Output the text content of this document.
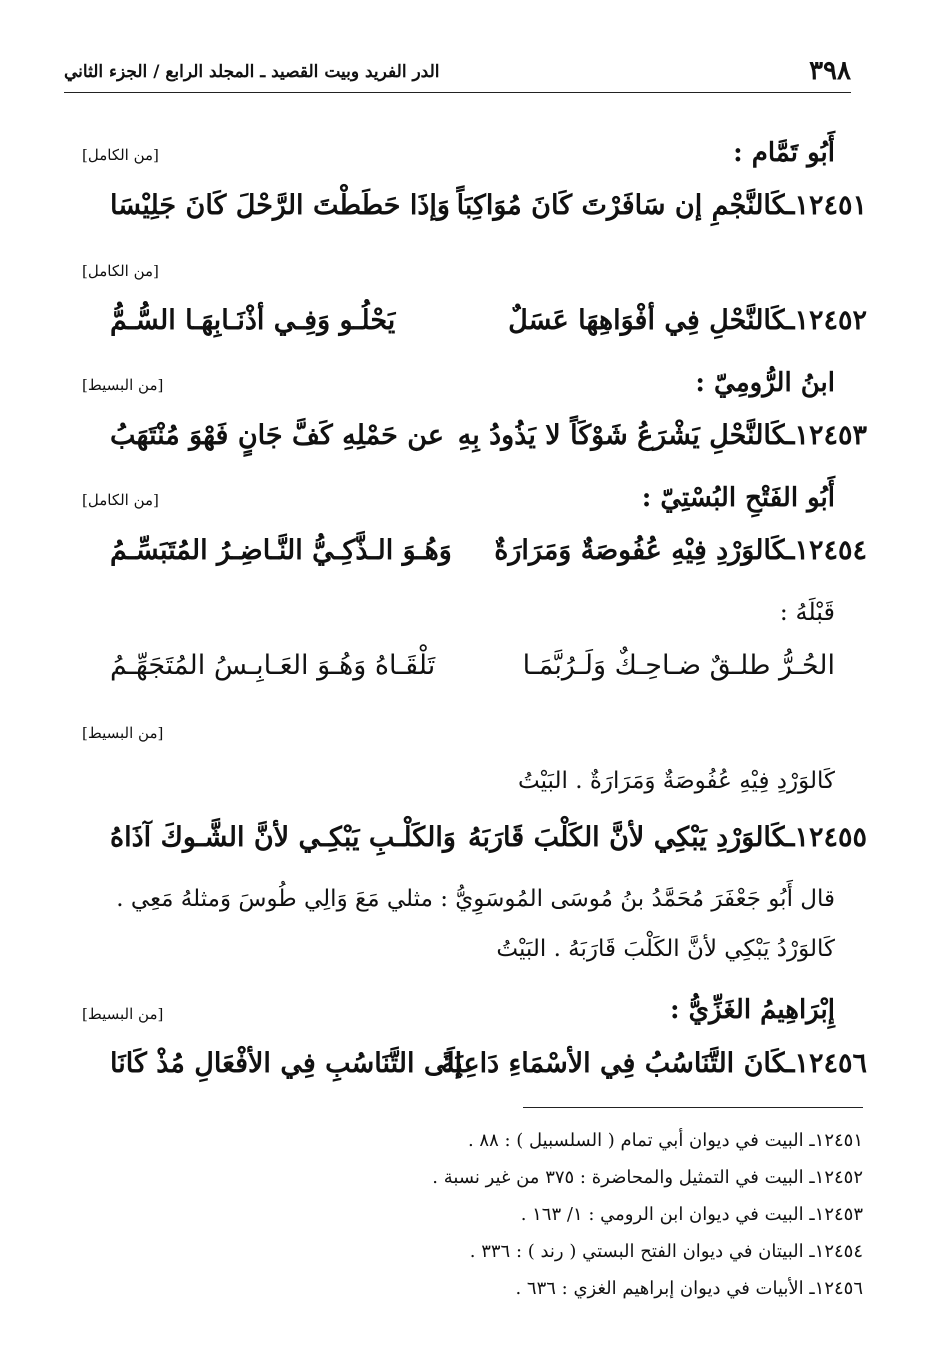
٣٩٨
الدر الفريد وبيت القصيد ـ المجلد الرابع / الجزء الثاني
أَبُو تَمَّام :
[من الكامل]
١٢٤٥١ـكَالنَّجْمِ إن سَافَرْتَ كَانَ مُوَاكِبَاً
وَإذَا حَطَطْتَ الرَّحْلَ كَانَ جَلِيْسَا
[من الكامل]
١٢٤٥٢ـكَالنَّحْلِ فِي أفْوَاهِهَا عَسَلٌ
يَحْلُـو وَفِـي أذْنَـابِهَـا السُّـمُّ
ابنُ الرُّومِيّ :
[من البسيط]
١٢٤٥٣ـكَالنَّحْلِ يَشْرَعُ شَوْكَاً لا يَذُودُ بِهِ
عن حَمْلِهِ كَفَّ جَانٍ فَهْوَ مُنْتَهَبُ
أَبُو الفَتْحِ البُسْتِيّ :
[من الكامل]
١٢٤٥٤ـكَالوَرْدِ فِيْهِ عُفُوصَةٌ وَمَرَارَةٌ
وَهُـوَ الـذَّكِـيُّ النَّـاضِـرُ المُتَبَسِّـمُ
قَبْلَهُ :
الحُـرُّ طلـقٌ ضـاحِـكٌ وَلَـرُبَّمَـا
تَلْقَـاهُ وَهُـوَ العَـابِـسُ المُتَجَهِّـمُ
[من البسيط]
كَالوَرْدِ فِيْهِ عُفُوصَةٌ وَمَرَارَةٌ . البَيْتُ
١٢٤٥٥ـكَالوَرْدِ يَبْكِي لأنَّ الكَلْبَ قَارَبَهُ
وَالكَلْـبِ يَبْكِـي لأنَّ الشَّـوكَ آذَاهُ
قال أَبُو جَعْفَرَ مُحَمَّدُ بنُ مُوسَى المُوسَوِيُّ : مثلي مَعَ وَالِي طُوسَ وَمثلهُ مَعِي .
كَالوَرْدُ يَبْكِي لأنَّ الكَلْبَ قَارَبَهُ . البَيْتُ
إِبْرَاهِيمُ الغَزِّيُّ :
[من البسيط]
١٢٤٥٦ـكَانَ التَّنَاسُبُ فِي الأسْمَاءِ دَاعِيَةً
إلَى التَّنَاسُبِ فِي الأفْعَالِ مُذْ كَانَا
١٢٤٥١ـ البيت في ديوان أبي تمام ( السلسبيل ) : ٨٨ .
١٢٤٥٢ـ البيت في التمثيل والمحاضرة : ٣٧٥ من غير نسبة .
١٢٤٥٣ـ البيت في ديوان ابن الرومي : ١/ ١٦٣ .
١٢٤٥٤ـ البيتان في ديوان الفتح البستي ( رند ) : ٣٣٦ .
١٢٤٥٦ـ الأبيات في ديوان إبراهيم الغزي : ٦٣٦ .
